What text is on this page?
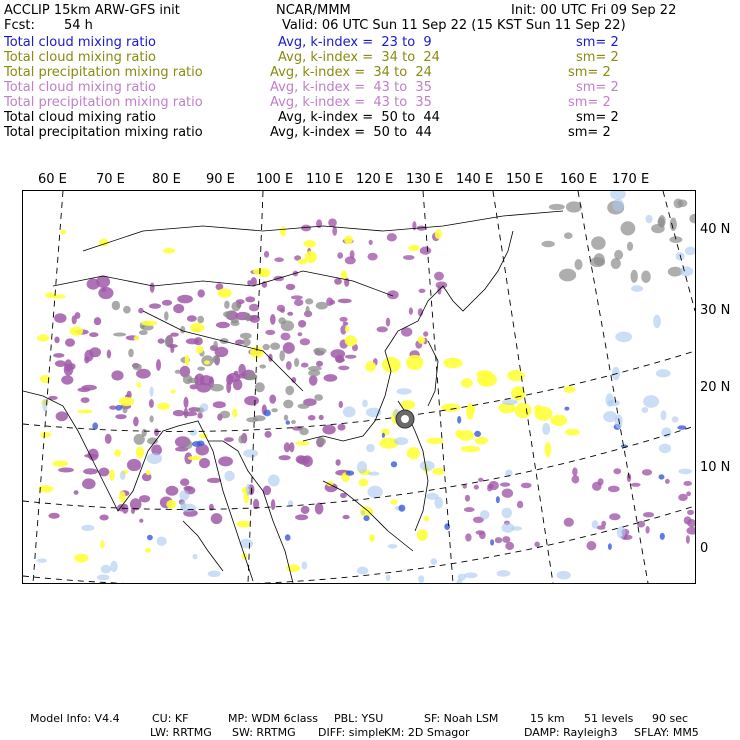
ACCLIP 15km ARW-GFS init	NCAR/MMM	Init: 00 UTC Fri 09 Sep 22
Fcst: 54 h	Valid: 06 UTC Sun 11 Sep 22 (15 KST Sun 11 Sep 22)
Total cloud mixing ratio	Avg, k-index =  23 to  9	sm= 2
Total cloud mixing ratio	Avg, k-index =  34 to  24	sm= 2
Total precipitation mixing ratio	Avg, k-index =  34 to  24	sm= 2
Total cloud mixing ratio	Avg, k-index =  43 to  35	sm= 2
Total precipitation mixing ratio	Avg, k-index =  43 to  35	sm= 2
Total cloud mixing ratio	Avg, k-index =  50 to  44	sm= 2
Total precipitation mixing ratio	Avg, k-index =  50 to  44	sm= 2
60 E 70 E 80 E 90 E 100 E 110 E 120 E 130 E 140 E 150 E 160 E 170 E
40 N
30 N
20 N
10 N
0
Model Info: V4.4	CU: KF	MP: WDM 6class PBL: YSU	SF: Noah LSM	15 km 51 levels 90 sec
LW: RRTMG SW: RRTMG DIFF: simple
KM: 2D Smagor	DAMP: Rayleigh3 SFLAY: MM5
